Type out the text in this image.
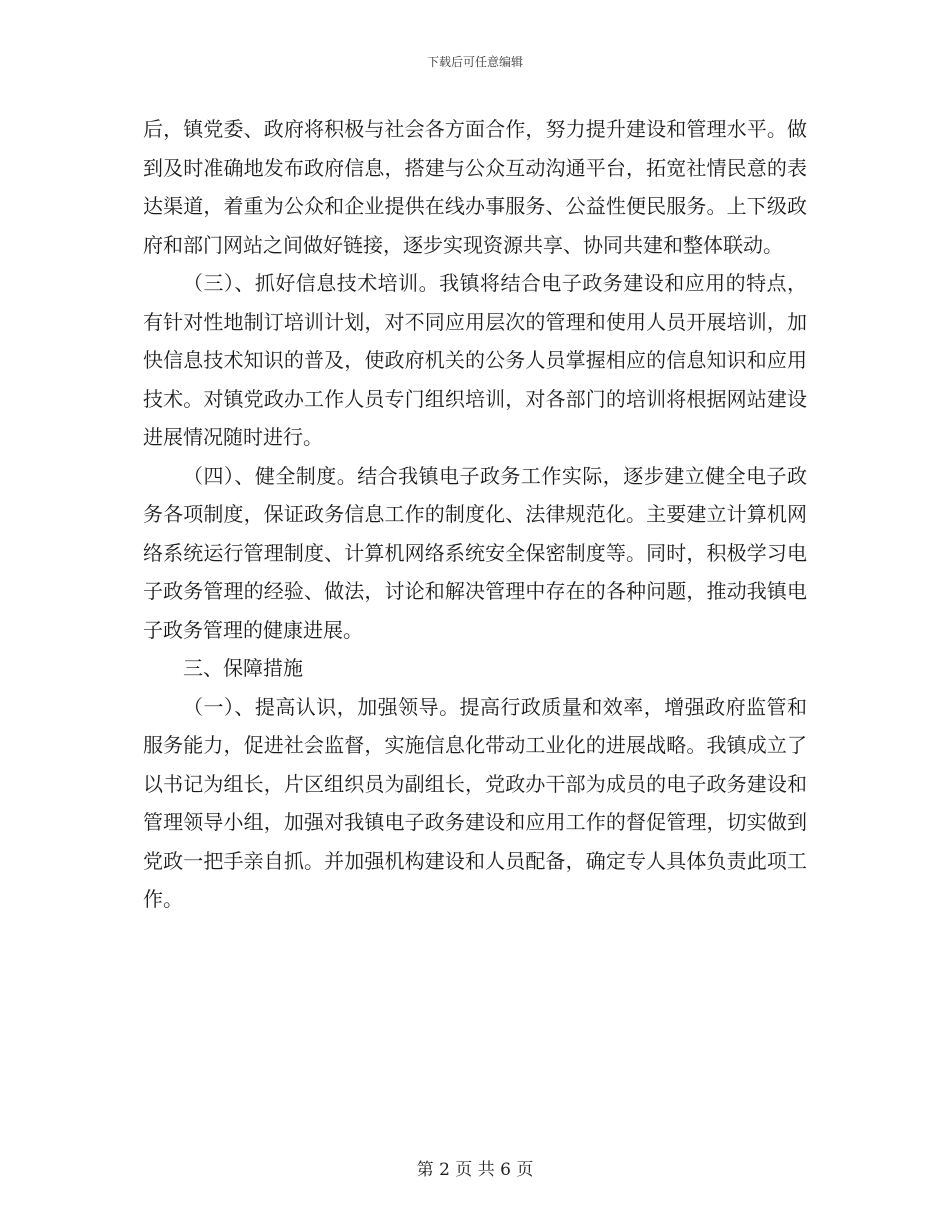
下载后可任意编辑

后，镇党委、政府将积极与社会各方面合作，努力提升建设和管理水平。做到及时准确地发布政府信息，搭建与公众互动沟通平台，拓宽社情民意的表达渠道，着重为公众和企业提供在线办事服务、公益性便民服务。上下级政府和部门网站之间做好链接，逐步实现资源共享、协同共建和整体联动。

（三）、抓好信息技术培训。我镇将结合电子政务建设和应用的特点，有针对性地制订培训计划，对不同应用层次的管理和使用人员开展培训，加快信息技术知识的普及，使政府机关的公务人员掌握相应的信息知识和应用技术。对镇党政办工作人员专门组织培训，对各部门的培训将根据网站建设进展情况随时进行。

（四）、健全制度。结合我镇电子政务工作实际，逐步建立健全电子政务各项制度，保证政务信息工作的制度化、法律规范化。主要建立计算机网络系统运行管理制度、计算机网络系统安全保密制度等。同时，积极学习电子政务管理的经验、做法，讨论和解决管理中存在的各种问题，推动我镇电子政务管理的健康进展。

三、保障措施

（一）、提高认识，加强领导。提高行政质量和效率，增强政府监管和服务能力，促进社会监督，实施信息化带动工业化的进展战略。我镇成立了以书记为组长，片区组织员为副组长，党政办干部为成员的电子政务建设和管理领导小组，加强对我镇电子政务建设和应用工作的督促管理，切实做到党政一把手亲自抓。并加强机构建设和人员配备，确定专人具体负责此项工作。

第 2 页 共 6 页
